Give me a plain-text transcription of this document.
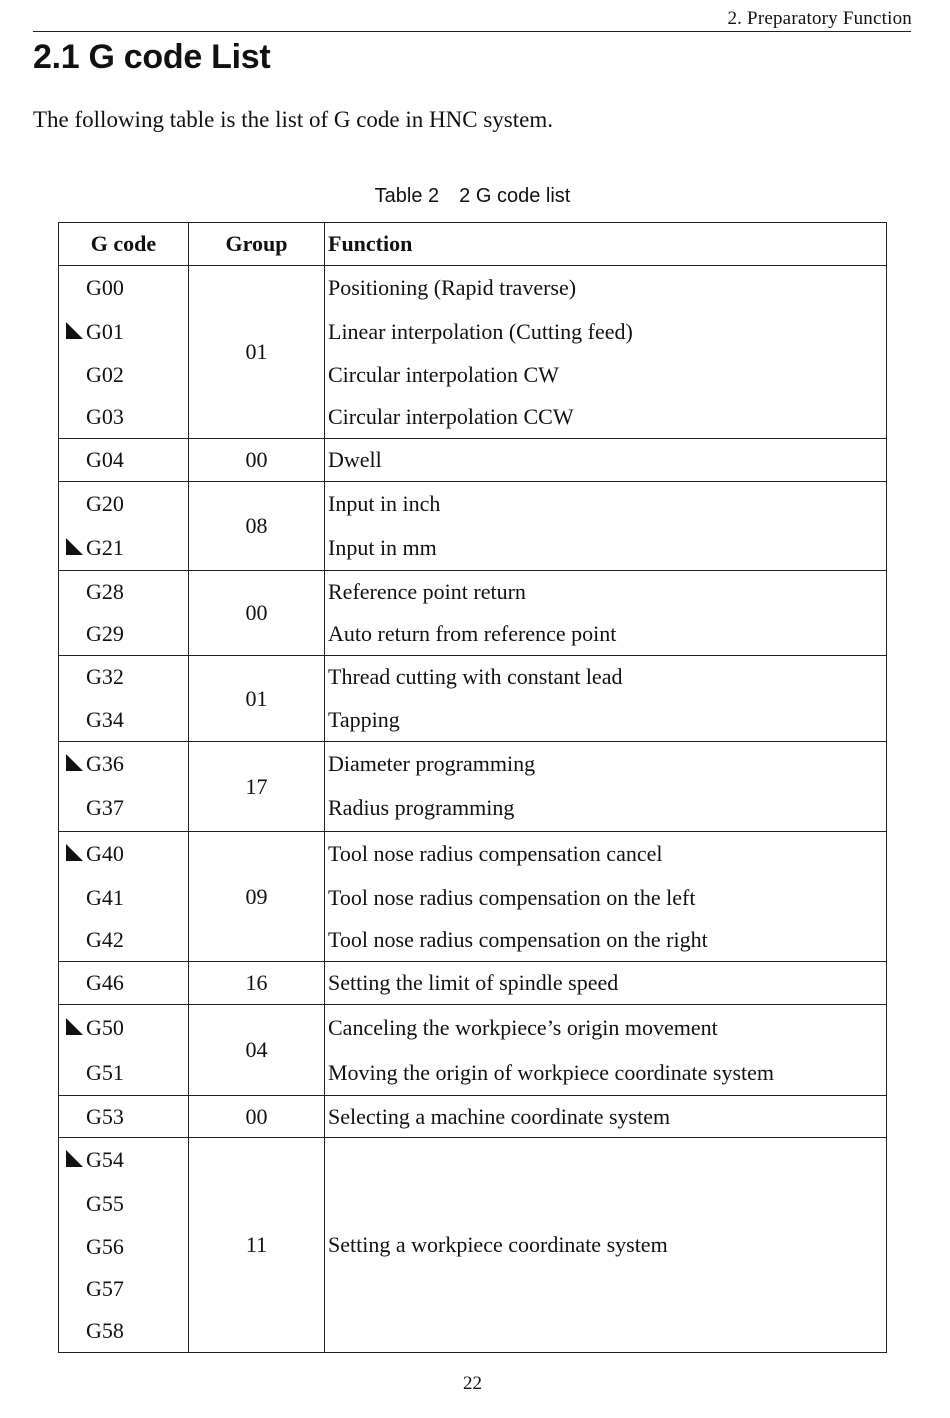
2. Preparatory Function
2.1 G code List

The following table is the list of G code in HNC system.

Table 2 2 G code list
G code	Group	Function
G00	01	Positioning (Rapid traverse)

G01		Linear interpolation (Cutting feed)
G02		Circular interpolation CW
G03		Circular interpolation CCW
G04	00	Dwell
G20	08	Input in inch

G21		Input in mm
G28	00	Reference point return
G29		Auto return from reference point
G32	01	Thread cutting with constant lead
G34		Tapping

G36	17	Diameter programming
G37		Radius programming

G40	09	Tool nose radius compensation cancel
G41		Tool nose radius compensation on the left
G42		Tool nose radius compensation on the right
G46	16	Setting the limit of spindle speed

G50	04	Canceling the workpiece’s origin movement
G51		Moving the origin of workpiece coordinate system
G53	00	Selecting a machine coordinate system

G54	11	Setting a workpiece coordinate system
G55		
G56		
G57		
G58		
22
